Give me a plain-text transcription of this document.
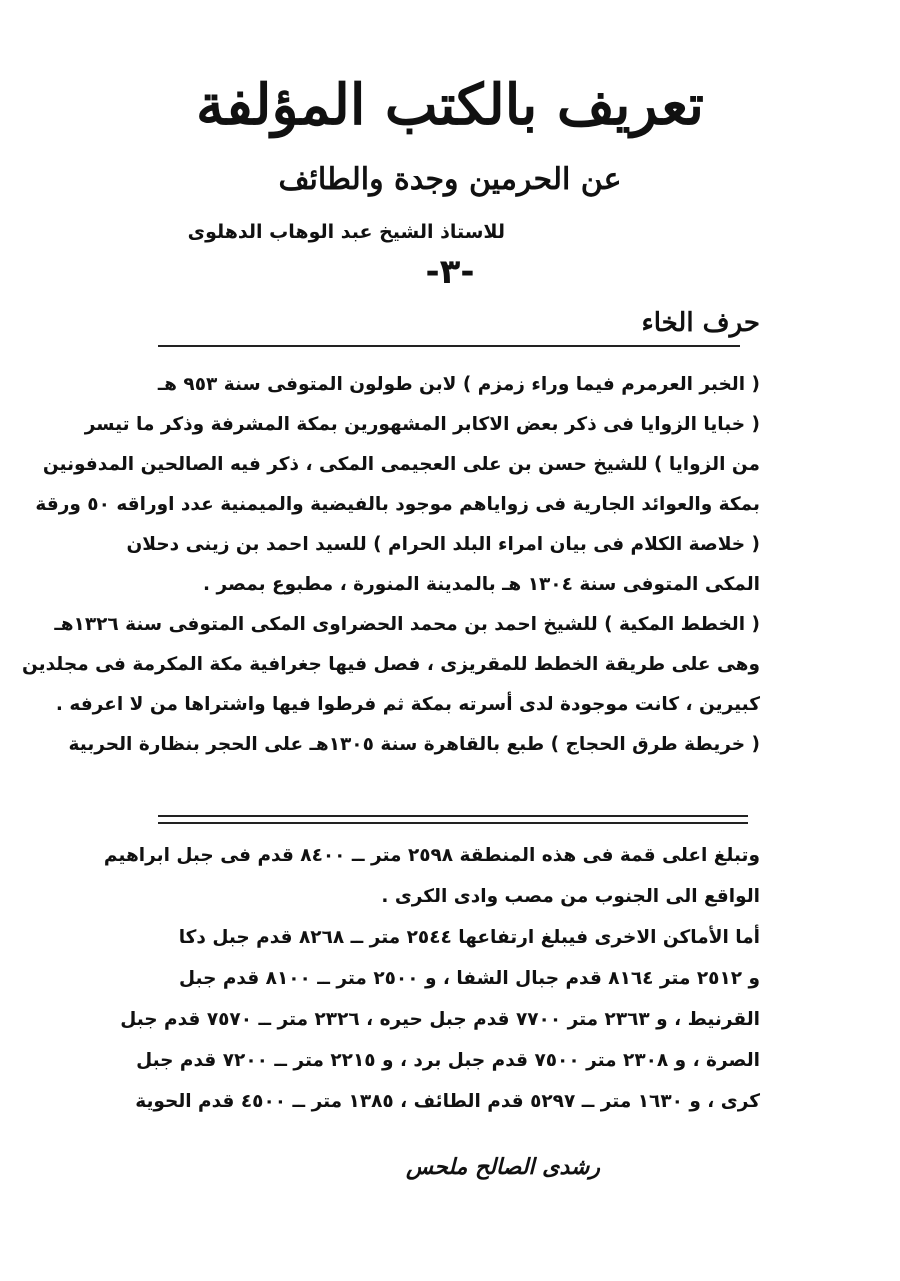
تعريف بالكتب المؤلفة
عن الحرمين وجدة والطائف
للاستاذ الشيخ عبد الوهاب الدهلوى
-٣-
حرف الخاء
( الخبر العرمرم فيما وراء زمزم ) لابن طولون المتوفى سنة ٩٥٣ هـ
( خبايا الزوايا فى ذكر بعض الاكابر المشهورين بمكة المشرفة وذكر ما تيسر
من الزوايا ) للشيخ حسن بن على العجيمى المكى ، ذكر فيه الصالحين المدفونين
بمكة والعوائد الجارية فى زواياهم موجود بالفيضية والميمنية عدد اوراقه ٥٠ ورقة
( خلاصة الكلام فى بيان امراء البلد الحرام ) للسيد احمد بن زينى دحلان
المكى المتوفى سنة ١٣٠٤ هـ بالمدينة المنورة ، مطبوع بمصر .
( الخطط المكية ) للشيخ احمد بن محمد الحضراوى المكى المتوفى سنة ١٣٢٦هـ
وهى على طريقة الخطط للمقريزى ، فصل فيها جغرافية مكة المكرمة فى مجلدين
كبيرين ، كانت موجودة لدى أسرته بمكة ثم فرطوا فيها واشتراها من لا اعرفه .
( خريطة طرق الحجاج ) طبع بالقاهرة سنة ١٣٠٥هـ على الحجر بنظارة الحربية
وتبلغ اعلى قمة فى هذه المنطقة ٢٥٩٨ متر ــ ٨٤٠٠ قدم فى جبل ابراهيم
الواقع الى الجنوب من مصب وادى الكرى .
أما الأماكن الاخرى فيبلغ ارتفاعها ٢٥٤٤ متر ــ ٨٢٦٨ قدم جبل دكا
و ٢٥١٢ متر ٨١٦٤ قدم جبال الشفا ، و ٢٥٠٠ متر ــ ٨١٠٠ قدم جبل
القرنيط ، و ٢٣٦٣ متر ٧٧٠٠ قدم جبل حيره ، ٢٣٢٦ متر ــ ٧٥٧٠ قدم جبل
الصرة ، و ٢٣٠٨ متر ٧٥٠٠ قدم جبل برد ، و ٢٢١٥ متر ــ ٧٢٠٠ قدم جبل
كرى ، و ١٦٣٠ متر ــ ٥٢٩٧ قدم الطائف ، ١٣٨٥ متر ــ ٤٥٠٠ قدم الحوية
رشدى الصالح ملحس
